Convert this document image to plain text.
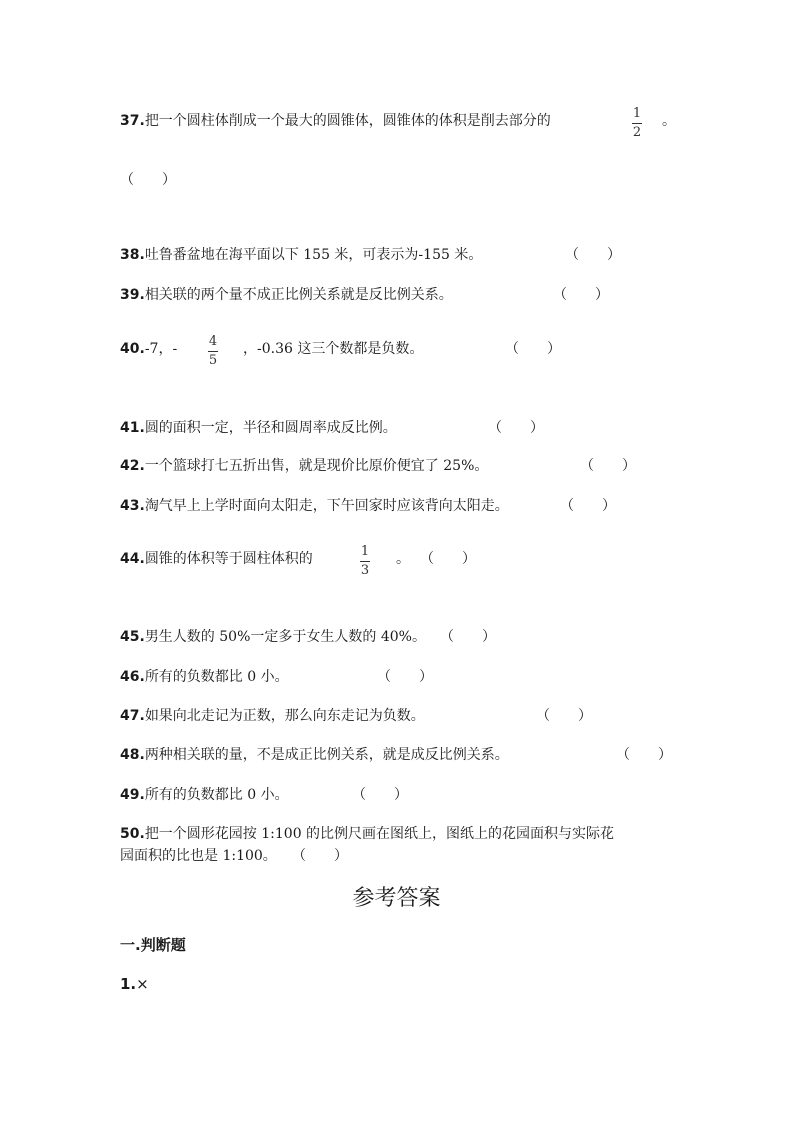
37.把一个圆柱体削成一个最大的圆锥体，圆锥体的体积是削去部分的	1
2
。
（　　）
38.吐鲁番盆地在海平面以下 155 米，可表示为-155 米。	（　　）
39.相关联的两个量不成正比例关系就是反比例关系。	（　　）
40.-7，- 4
5
，-0.36 这三个数都是负数。	（　　）
41.圆的面积一定，半径和圆周率成反比例。	（　　）
42.一个篮球打七五折出售，就是现价比原价便宜了 25%。	（　　）
43.淘气早上上学时面向太阳走，下午回家时应该背向太阳走。	（　　）
44.圆锥的体积等于圆柱体积的	1
3
。 （　　）
45.男生人数的 50%一定多于女生人数的 40%。 （　　）
46.所有的负数都比 0 小。	（　　）
47.如果向北走记为正数，那么向东走记为负数。	（　　）
48.两种相关联的量，不是成正比例关系，就是成反比例关系。	（　　）
49.所有的负数都比 0 小。	（　　）
50.把一个圆形花园按 1:100 的比例尺画在图纸上，图纸上的花园面积与实际花
园面积的比也是 1:100。 （　　）
参考答案
一.判断题
1.×
